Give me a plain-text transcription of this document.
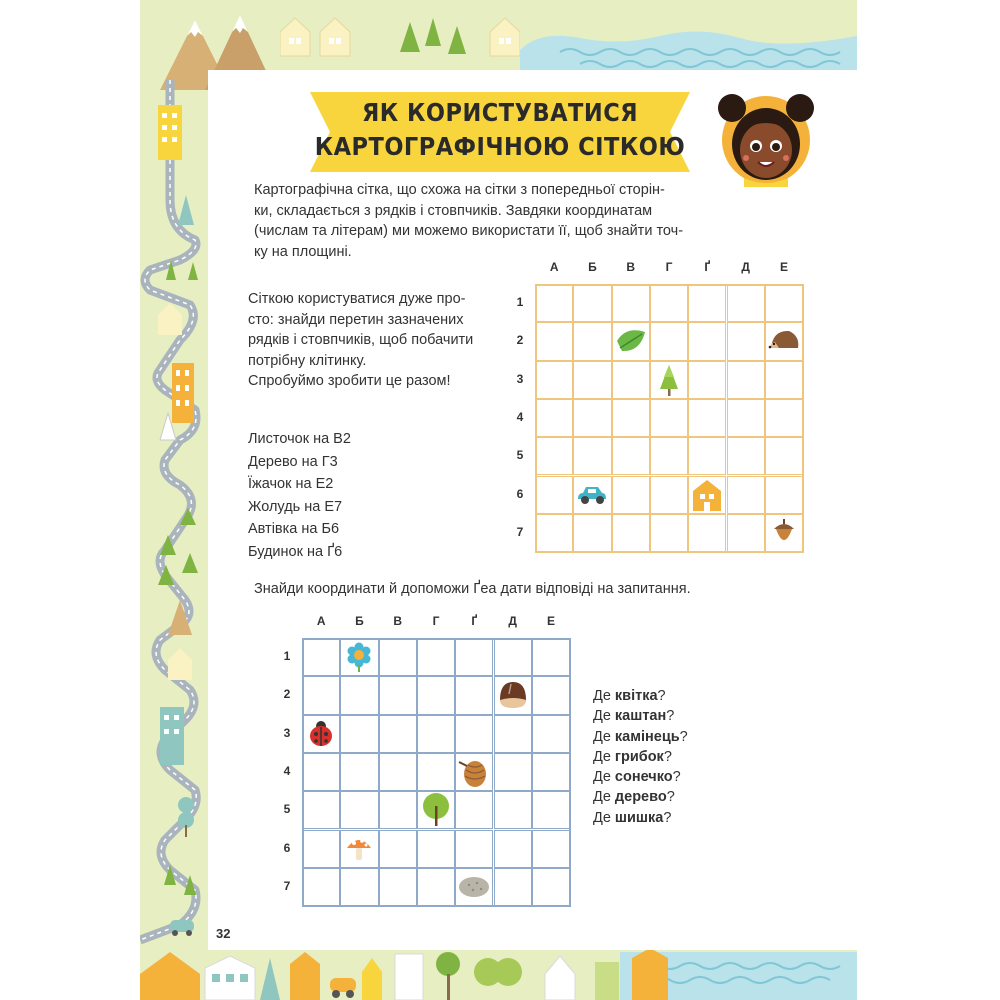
ЯК КОРИСТУВАТИСЯ
КАРТОГРАФІЧНОЮ СІТКОЮ
Картографічна сітка, що схожа на сітки з попередньої сторін-
ки, складається з рядків і стовпчиків. Завдяки координатам
(числам та літерам) ми можемо використати її, щоб знайти точ-
ку на площині.
Сіткою користуватися дуже про-
сто: знайди перетин зазначених
рядків і стовпчиків, щоб побачити
потрібну клітинку.
Спробуймо зробити це разом!
Листочок на В2
Дерево на Г3
Їжачок на Е2
Жолудь на Е7
Автівка на Б6
Будинок на Ґ6
А	Б	В	Г	Ґ	Д	Е
1
2
3
4
5
6
7
Знайди координати й допоможи Ґеа дати відповіді на запитання.
А	Б	В	Г	Ґ	Д	Е
1
2
3
4
5
6
7
Де квітка?
Де каштан?
Де камінець?
Де грибок?
Де сонечко?
Де дерево?
Де шишка?
32
